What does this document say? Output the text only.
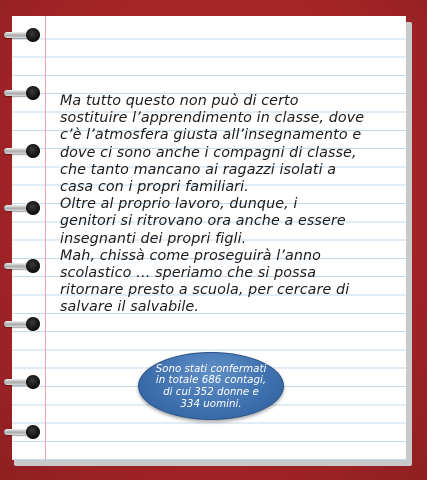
Ma tutto questo non può di certo
sostituire l’apprendimento in classe, dove
c’è l’atmosfera giusta all’insegnamento e
dove ci sono anche i compagni di classe,
che tanto mancano ai ragazzi isolati a
casa con i propri familiari.
Oltre al proprio lavoro, dunque, i
genitori si ritrovano ora anche a essere
insegnanti dei propri figli.
Mah, chissà come proseguirà l’anno
scolastico … speriamo che si possa
ritornare presto a scuola, per cercare di
salvare il salvabile.
Sono stati confermati
in totale 686 contagi,
di cui 352 donne e
334 uomini.
